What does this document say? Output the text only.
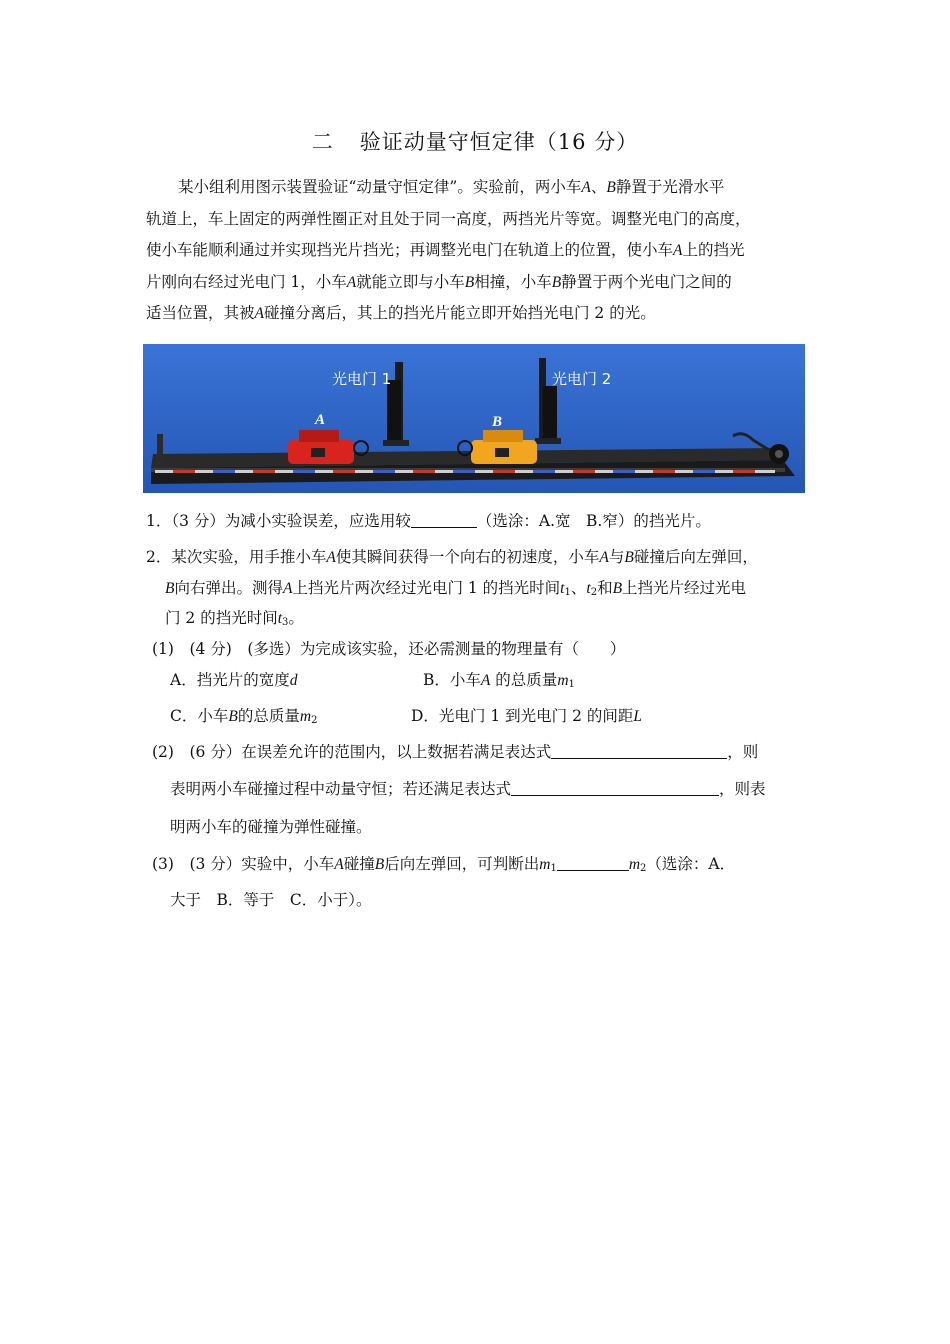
二 验证动量守恒定律（16 分）
某小组利用图示装置验证“动量守恒定律”。实验前，两小车A、B静置于光滑水平
轨道上，车上固定的两弹性圈正对且处于同一高度，两挡光片等宽。调整光电门的高度，
使小车能顺利通过并实现挡光片挡光；再调整光电门在轨道上的位置，使小车A上的挡光
片刚向右经过光电门 1，小车A就能立即与小车B相撞，小车B静置于两个光电门之间的
适当位置，其被A碰撞分离后，其上的挡光片能立即开始挡光电门 2 的光。
光电门 1	光电门 2
A	B
1．（3 分）为减小实验误差，应选用较	（选涂：A.宽　B.窄）的挡光片。
2．某次实验，用手推小车A使其瞬间获得一个向右的初速度，小车A与B碰撞后向左弹回，
B向右弹出。测得A上挡光片两次经过光电门 1 的挡光时间$t_1$、$t_2$和B上挡光片经过光电
门 2 的挡光时间$t_3$。
(1)　(4 分)　(多选）为完成该实验，还必需测量的物理量有（　　）
A．挡光片的宽度d	B．小车A 的总质量$m_1$
C．小车B的总质量$m_2$	D．光电门 1 到光电门 2 的间距L
(2)　(6 分）在误差允许的范围内，以上数据若满足表达式	，则
表明两小车碰撞过程中动量守恒；若还满足表达式	，则表
明两小车的碰撞为弹性碰撞。
(3)　(3 分）实验中，小车A碰撞B后向左弹回，可判断出$m_1$	$m_2$（选涂：A．
大于　B．等于　C．小于）。
